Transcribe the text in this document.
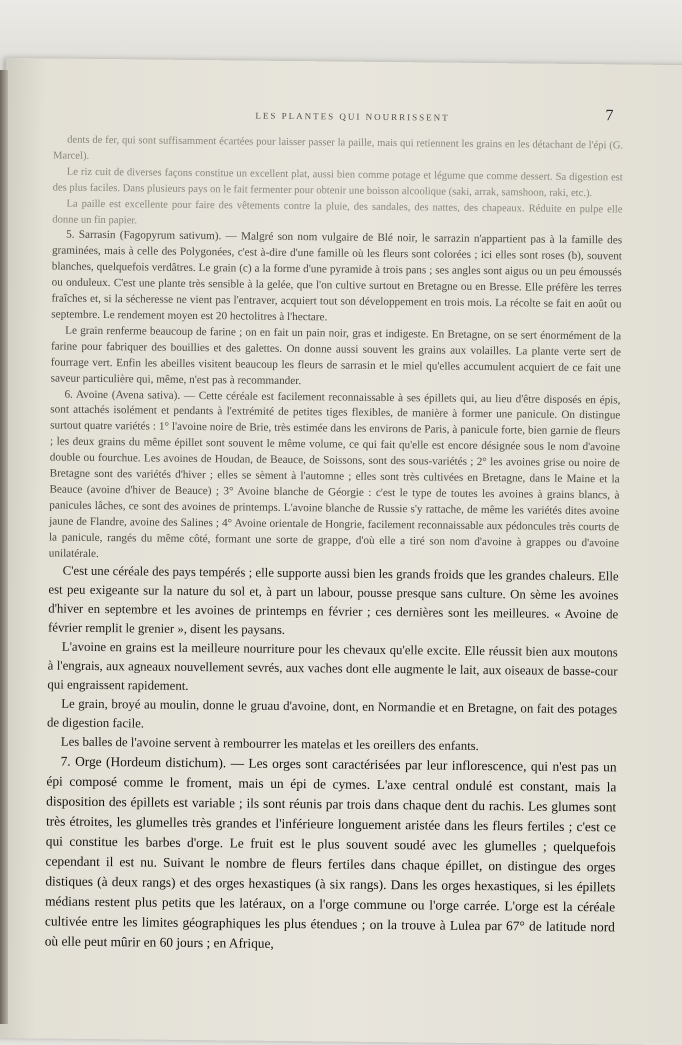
LES PLANTES QUI NOURRISSENT	7

dents de fer, qui sont suffisamment écartées pour laisser passer la paille, mais qui retiennent les grains en les détachant de l'épi (G. Marcel).

Le riz cuit de diverses façons constitue un excellent plat, aussi bien comme potage et légume que comme dessert. Sa digestion est des plus faciles. Dans plusieurs pays on le fait fermenter pour obtenir une boisson alcoolique (saki, arrak, samshoon, raki, etc.).

La paille est excellente pour faire des vêtements contre la pluie, des sandales, des nattes, des chapeaux. Réduite en pulpe elle donne un fin papier.

5. Sarrasin (Fagopyrum sativum). — Malgré son nom vulgaire de Blé noir, le sarrazin n'appartient pas à la famille des graminées, mais à celle des Polygonées, c'est à-dire d'une famille où les fleurs sont colorées ; ici elles sont roses (b), souvent blanches, quelquefois verdâtres. Le grain (c) a la forme d'une pyramide à trois pans ; ses angles sont aigus ou un peu émoussés ou onduleux. C'est une plante très sensible à la gelée, que l'on cultive surtout en Bretagne ou en Bresse. Elle préfère les terres fraîches et, si la sécheresse ne vient pas l'entraver, acquiert tout son développement en trois mois. La récolte se fait en août ou septembre. Le rendement moyen est 20 hectolitres à l'hectare.

Le grain renferme beaucoup de farine ; on en fait un pain noir, gras et indigeste. En Bretagne, on se sert énormément de la farine pour fabriquer des bouillies et des galettes. On donne aussi souvent les grains aux volailles. La plante verte sert de fourrage vert. Enfin les abeilles visitent beaucoup les fleurs de sarrasin et le miel qu'elles accumulent acquiert de ce fait une saveur particulière qui, même, n'est pas à recommander.

6. Avoine (Avena sativa). — Cette céréale est facilement reconnaissable à ses épillets qui, au lieu d'être disposés en épis, sont attachés isolément et pendants à l'extrémité de petites tiges flexibles, de manière à former une panicule. On distingue surtout quatre variétés : 1° l'avoine noire de Brie, très estimée dans les environs de Paris, à panicule forte, bien garnie de fleurs ; les deux grains du même épillet sont souvent le même volume, ce qui fait qu'elle est encore désignée sous le nom d'avoine double ou fourchue. Les avoines de Houdan, de Beauce, de Soissons, sont des sous-variétés ; 2° les avoines grise ou noire de Bretagne sont des variétés d'hiver ; elles se sèment à l'automne ; elles sont très cultivées en Bretagne, dans le Maine et la Beauce (avoine d'hiver de Beauce) ; 3° Avoine blanche de Géorgie : c'est le type de toutes les avoines à grains blancs, à panicules lâches, ce sont des avoines de printemps. L'avoine blanche de Russie s'y rattache, de même les variétés dites avoine jaune de Flandre, avoine des Salines ; 4° Avoine orientale de Hongrie, facilement reconnaissable aux pédoncules très courts de la panicule, rangés du même côté, formant une sorte de grappe, d'où elle a tiré son nom d'avoine à grappes ou d'avoine unilatérale.

C'est une céréale des pays tempérés ; elle supporte aussi bien les grands froids que les grandes chaleurs. Elle est peu exigeante sur la nature du sol et, à part un labour, pousse presque sans culture. On sème les avoines d'hiver en septembre et les avoines de printemps en février ; ces dernières sont les meilleures. « Avoine de février remplit le grenier », disent les paysans.

L'avoine en grains est la meilleure nourriture pour les chevaux qu'elle excite. Elle réussit bien aux moutons à l'engrais, aux agneaux nouvellement sevrés, aux vaches dont elle augmente le lait, aux oiseaux de basse-cour qui engraissent rapidement.

Le grain, broyé au moulin, donne le gruau d'avoine, dont, en Normandie et en Bretagne, on fait des potages de digestion facile.

Les balles de l'avoine servent à rembourrer les matelas et les oreillers des enfants.

7. Orge (Hordeum distichum). — Les orges sont caractérisées par leur inflorescence, qui n'est pas un épi composé comme le froment, mais un épi de cymes. L'axe central ondulé est constant, mais la disposition des épillets est variable ; ils sont réunis par trois dans chaque dent du rachis. Les glumes sont très étroites, les glumelles très grandes et l'inférieure longuement aristée dans les fleurs fertiles ; c'est ce qui constitue les barbes d'orge. Le fruit est le plus souvent soudé avec les glumelles ; quelquefois cependant il est nu. Suivant le nombre de fleurs fertiles dans chaque épillet, on distingue des orges distiques (à deux rangs) et des orges hexastiques (à six rangs). Dans les orges hexastiques, si les épillets médians restent plus petits que les latéraux, on a l'orge commune ou l'orge carrée. L'orge est la céréale cultivée entre les limites géographiques les plus étendues ; on la trouve à Lulea par 67° de latitude nord où elle peut mûrir en 60 jours ; en Afrique,
